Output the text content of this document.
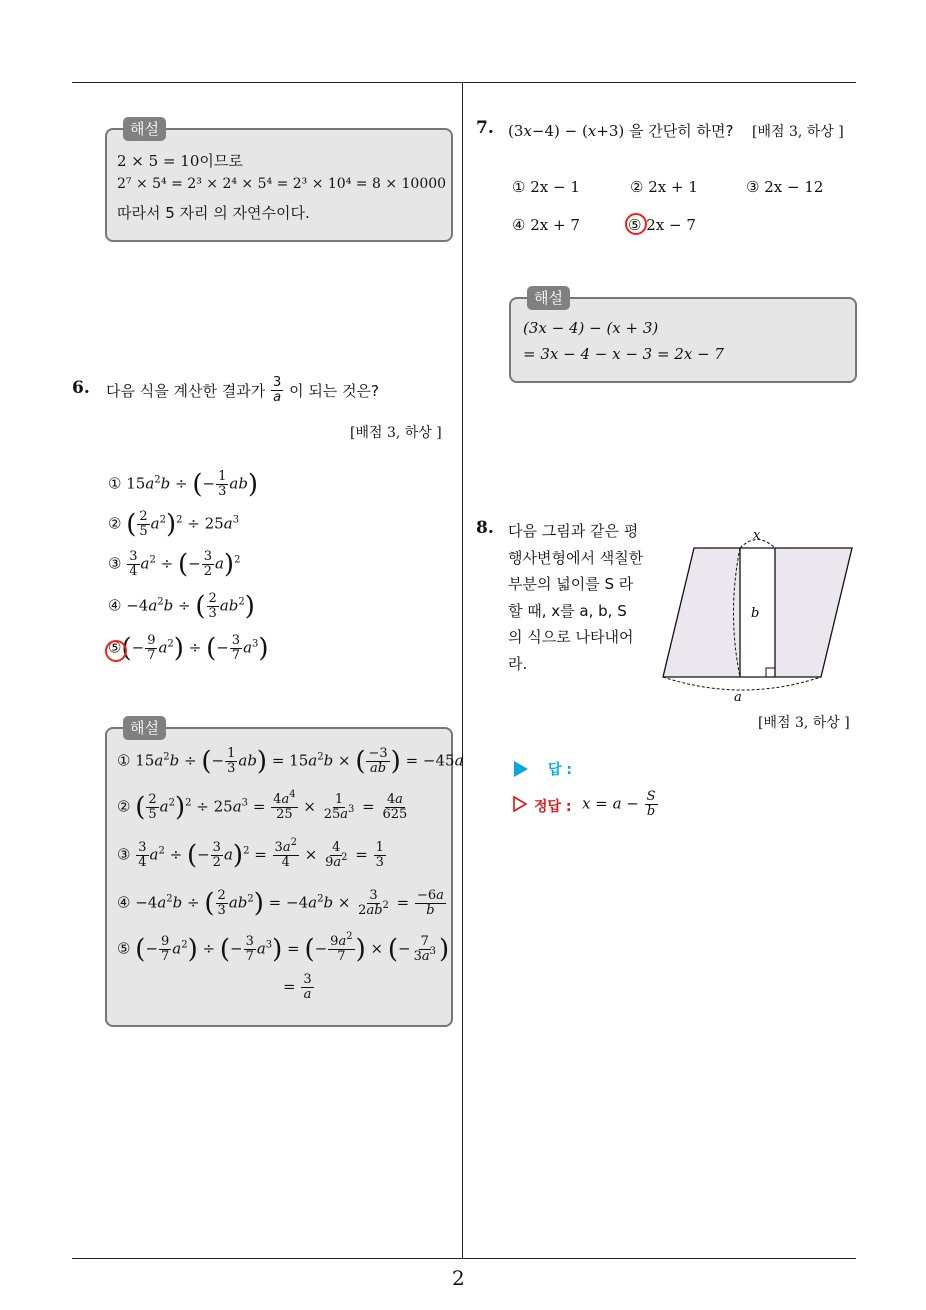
2
해설
2 × 5 = 10이므로
2⁷ × 5⁴ = 2³ × 2⁴ × 5⁴ = 2³ × 10⁴ = 8 × 10000
따라서 5 자리 의 자연수이다.
6. 다음 식을 계산한 결과가 $\frac{3}{a}$ 이 되는 것은?
[배점 3, 하상 ]
① $15a^2b$ ÷ (− $\frac{1}{3} ab$)
② ( $\frac{2}{5} a^2)^2 \div 25a^3$
③ $\frac{3}{4} a^2$ ÷ (− $\frac{3}{2} a)^2$
④ $-4a^2b$ ÷ ( $\frac{2}{3} ab^2$)
⑤(− $\frac{9}{7} a^2$) ÷ (− $\frac{3}{7} a^3$)
해설
① $15a^2b$ ÷ (− $\frac{1}{3} ab) = 15a^2b$ × ( $\frac{-3}{ab}$ ) = −45a
② ( $\frac{2}{5} a^2)^2 \div 25a^3 = \frac{4a^4}{25} \times \frac{1}{25a^3} = \frac{4a}{625}$
③ $\frac{3}{4} a^2$ ÷ (− $\frac{3}{2} a)^2 = \frac{3a^2}{4} \times \frac{4}{9a^2} = \frac{1}{3}$
④ $-4a^2b$ ÷ ( $\frac{2}{3} ab^2) = -4a^2b \times \frac{3}{2ab^2} = \frac{-6a}{b}$
⑤ (− $\frac{9}{7} a^2$) ÷ (− $\frac{3}{7} a^3$) = (− $\frac{9a^2}{7}$ ) × (− $\frac{7}{3a^3}$ )
= $\frac{3}{a}$
7. (3x−4) − (x+3) 을 간단히 하면? [배점 3, 하상 ]
① 2x − 1	② 2x + 1	③ 2x − 12
④ 2x + 7	⑤ 2x − 7
해설
(3x − 4) − (x + 3)
= 3x − 4 − x − 3 = 2x − 7
8. 다음 그림과 같은 평
행사변형에서 색칠한
부분의 넓이를 S 라
할 때, x를 a, b, S
의 식으로 나타내어
라.
x
b
a
[배점 3, 하상 ]
답 :
정답 : $x = a - \frac{S}{b}$
